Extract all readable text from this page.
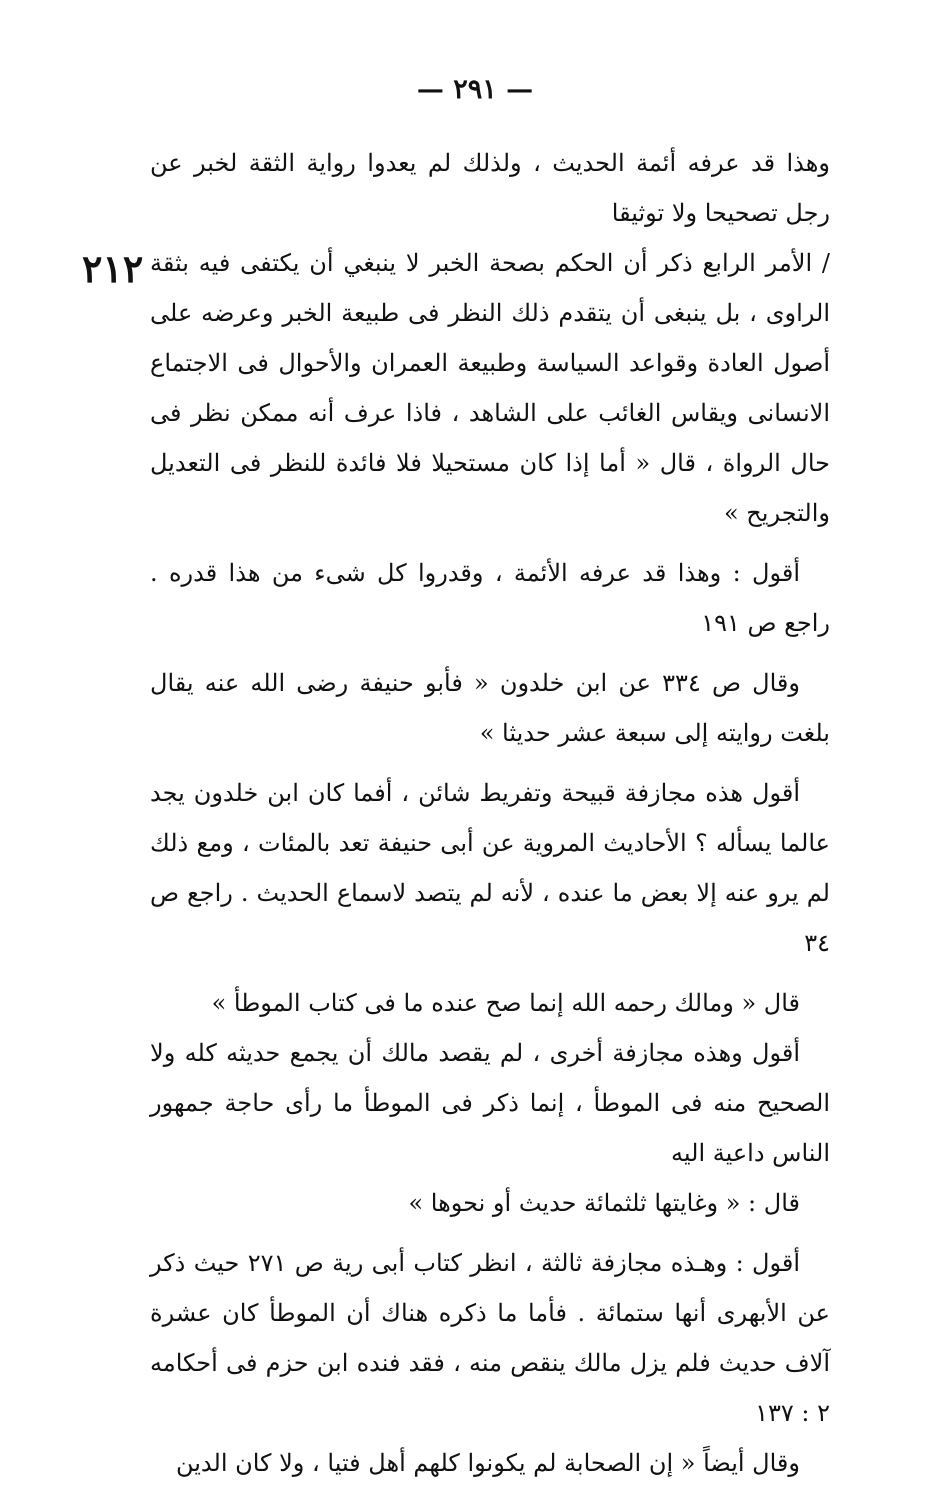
— ٢٩١ —
٢١٢

وهذا قد عرفه أئمة الحديث ، ولذلك لم يعدوا رواية الثقة لخبر عن رجل تصحيحا ولا توثيقا

/ الأمر الرابع ذكر أن الحكم بصحة الخبر لا ينبغي أن يكتفى فيه بثقة الراوى ، بل ينبغى أن يتقدم ذلك النظر فى طبيعة الخبر وعرضه على أصول العادة وقواعد السياسة وطبيعة العمران والأحوال فى الاجتماع الانسانى ويقاس الغائب على الشاهد ، فاذا عرف أنه ممكن نظر فى حال الرواة ، قال « أما إذا كان مستحيلا فلا فائدة للنظر فى التعديل والتجريح »

أقول : وهذا قد عرفه الأئمة ، وقدروا كل شىء من هذا قدره . راجع ص ١٩١

وقال ص ٣٣٤ عن ابن خلدون « فأبو حنيفة رضى الله عنه يقال بلغت روايته إلى سبعة عشر حديثا »

أقول هذه مجازفة قبيحة وتفريط شائن ، أفما كان ابن خلدون يجد عالما يسأله ؟ الأحاديث المروية عن أبى حنيفة تعد بالمئات ، ومع ذلك لم يرو عنه إلا بعض ما عنده ، لأنه لم يتصد لاسماع الحديث . راجع ص ٣٤

قال « ومالك رحمه الله إنما صح عنده ما فى كتاب الموطأ »

أقول وهذه مجازفة أخرى ، لم يقصد مالك أن يجمع حديثه كله ولا الصحيح منه فى الموطأ ، إنما ذكر فى الموطأ ما رأى حاجة جمهور الناس داعية اليه

قال : « وغايتها ثلثمائة حديث أو نحوها »

أقول : وهـذه مجازفة ثالثة ، انظر كتاب أبى رية ص ٢٧١ حيث ذكر عن الأبهرى أنها ستمائة . فأما ما ذكره هناك أن الموطأ كان عشرة آلاف حديث فلم يزل مالك ينقص منه ، فقد فنده ابن حزم فى أحكامه ٢ : ١٣٧

وقال أيضاً « إن الصحابة لم يكونوا كلهم أهل فتيا ، ولا كان الدين
